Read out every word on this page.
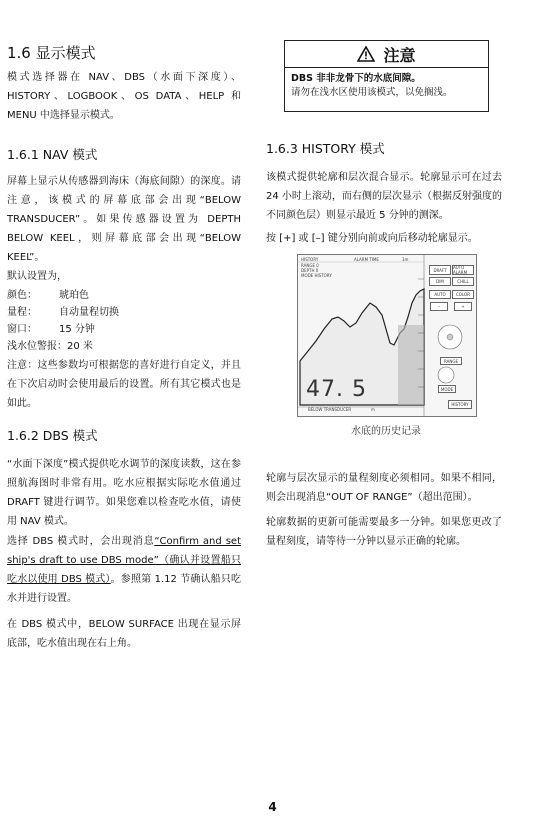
1.6 显示模式
模式选择器在 NAV、DBS（水面下深度）、HISTORY、LOGBOOK、OS DATA、HELP 和 MENU 中选择显示模式。
1.6.1 NAV 模式
屏幕上显示从传感器到海床（海底间隙）的深度。请注意，该模式的屏幕底部会出现“BELOW TRANSDUCER”。如果传感器设置为 DEPTH BELOW KEEL，则屏幕底部会出现“BELOW KEEL”。
默认设置为，
颜色：	琥珀色
量程：	自动量程切换
窗口：	15 分钟
浅水位警报：20 米
注意：这些参数均可根据您的喜好进行自定义，并且在下次启动时会使用最后的设置。所有其它模式也是如此。
1.6.2 DBS 模式
“水面下深度”模式提供吃水调节的深度读数，这在参照航海图时非常有用。吃水应根据实际吃水值通过 DRAFT 键进行调节。如果您难以检查吃水值，请使用 NAV 模式。
选择 DBS 模式时，会出现消息“Confirm and set ship's draft to use DBS mode”（确认并设置船只吃水以使用 DBS 模式）。参照第 1.12 节确认船只吃水并进行设置。
在 DBS 模式中，BELOW SURFACE 出现在显示屏底部，吃水值出现在右上角。
注意
DBS 非非龙骨下的水底间隙。
请勿在浅水区使用该模式，以免搁浅。
1.6.3 HISTORY 模式
该模式提供轮廓和层次混合显示。轮廓显示可在过去 24 小时上滚动，而右侧的层次显示（根据反射强度的不同颜色层）则显示最近 5 分钟的测深。
按 [+] 或 [–] 键分别向前或向后移动轮廓显示。
HISTORY	ALARM TIME	1m
RANGE 0
DEPTH 0
MODE HISTORY
47. 5
BELOW TRANSDUCER	m
DRAFT	AUTO ALARM
DIM	CHILL
AUTO	COLOR
–	+
RANGE
MODE
HISTORY
水底的历史记录
轮廓与层次显示的量程刻度必须相同。如果不相同，则会出现消息“OUT OF RANGE”（超出范围）。
轮廓数据的更新可能需要最多一分钟。如果您更改了量程刻度，请等待一分钟以显示正确的轮廓。
4
